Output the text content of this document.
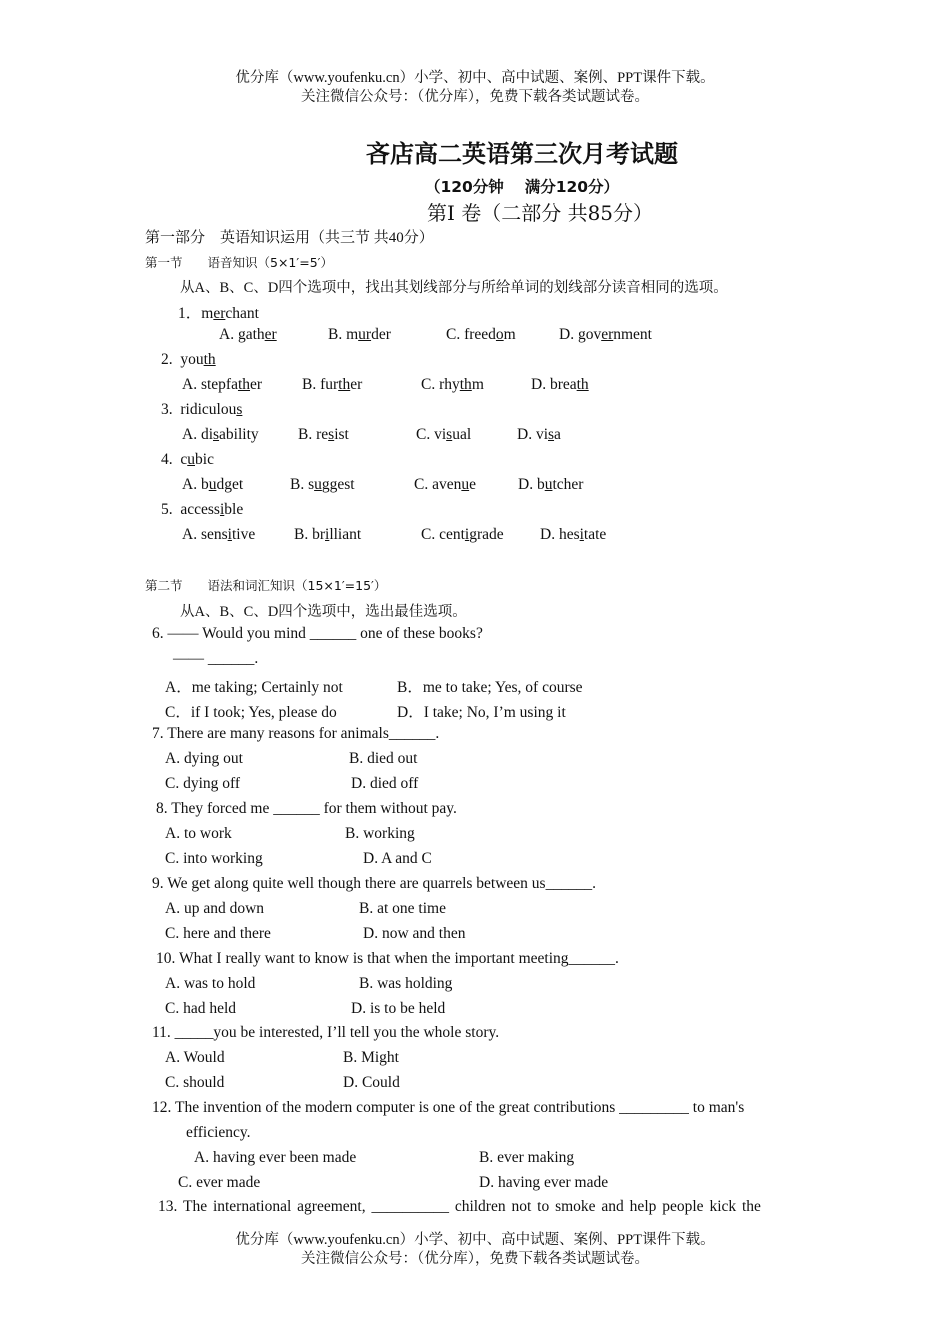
优分库（www.youfenku.cn）小学、初中、高中试题、案例、PPT课件下载。
关注微信公众号：（优分库），免费下载各类试题试卷。
吝店高二英语第三次月考试题
（120分钟　 满分120分）
第Ⅰ 卷（二部分 共85分）
第一部分　英语知识运用（共三节 共40分）
第一节　　语音知识（5×1′=5′）
从A、B、C、D四个选项中，找出其划线部分与所给单词的划线部分读音相同的选项。
1．merchant
A. gather	B. murder	C. freedom	D. government
2. youth
A. stepfather	B. further	C. rhythm	D. breath
3. ridiculous
A. disability	B. resist	C. visual	D. visa
4. cubic
A. budget	B. suggest	C. avenue	D. butcher
5. accessible
A. sensitive	B. brilliant	C. centigrade D. hesitate
第二节　　语法和词汇知识（15×1′=15′）
从A、B、C、D四个选项中，选出最佳选项。
6. —— Would you mind ______ one of these books?
—— ______.
A．me taking; Certainly not	B．me to take; Yes, of course
C．if I took; Yes, please do	D．I take; No, I’m using it
7. There are many reasons for animals______.
A. dying out	B. died out
C. dying off	D. died off
8. They forced me ______ for them without pay.
A. to work	B. working
C. into working	D. A and C
9. We get along quite well though there are quarrels between us______.
A. up and down	B. at one time
C. here and there	D. now and then
10. What I really want to know is that when the important meeting______.
A. was to hold	B. was holding
C. had held	D. is to be held
11. _____you be interested, I’ll tell you the whole story.
A. Would	B. Might
C. should	D. Could
12. The invention of the modern computer is one of the great contributions _________ to man's
efficiency.
A. having ever been made	B. ever making
C. ever made	D. having ever made
13. The international agreement, __________ children not to smoke and help people kick the
优分库（www.youfenku.cn）小学、初中、高中试题、案例、PPT课件下载。
关注微信公众号：（优分库），免费下载各类试题试卷。
